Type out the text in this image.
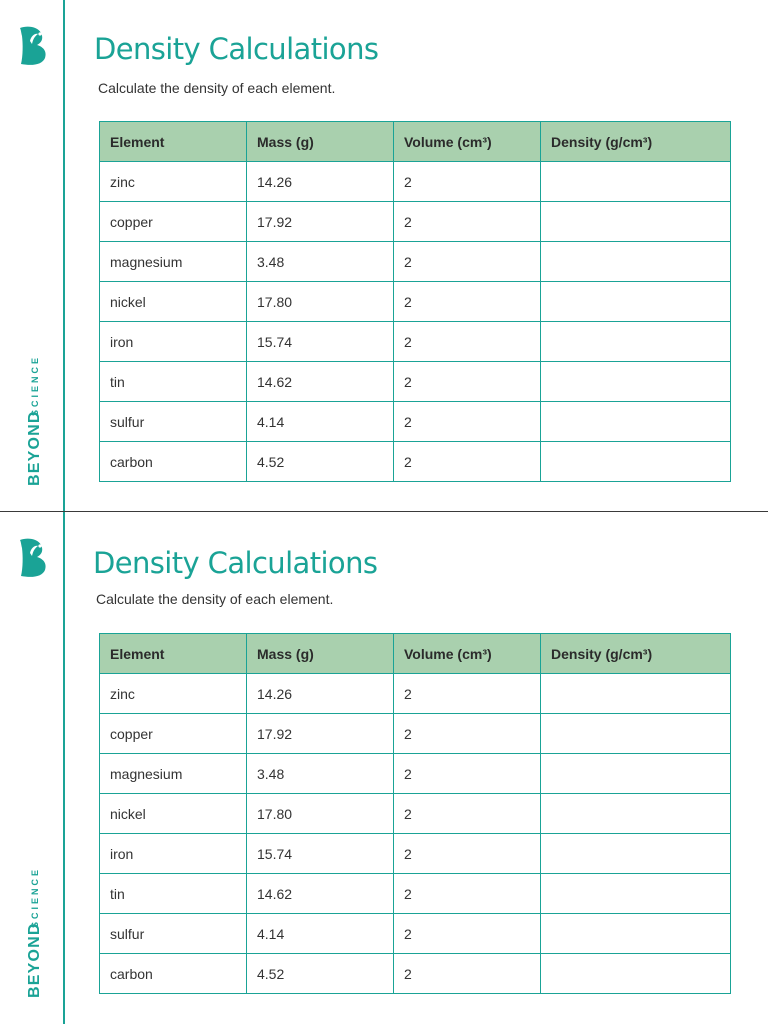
BEYOND
SCIENCE
Density Calculations

Calculate the density of each element.

Element	Mass (g)	Volume (cm³)	Density (g/cm³)
zinc	14.26	2	
copper	17.92	2	
magnesium	3.48	2	
nickel	17.80	2	
iron	15.74	2	
tin	14.62	2	
sulfur	4.14	2	
carbon	4.52	2	
BEYOND
SCIENCE
Density Calculations

Calculate the density of each element.

Element	Mass (g)	Volume (cm³)	Density (g/cm³)
zinc	14.26	2	
copper	17.92	2	
magnesium	3.48	2	
nickel	17.80	2	
iron	15.74	2	
tin	14.62	2	
sulfur	4.14	2	
carbon	4.52	2	
